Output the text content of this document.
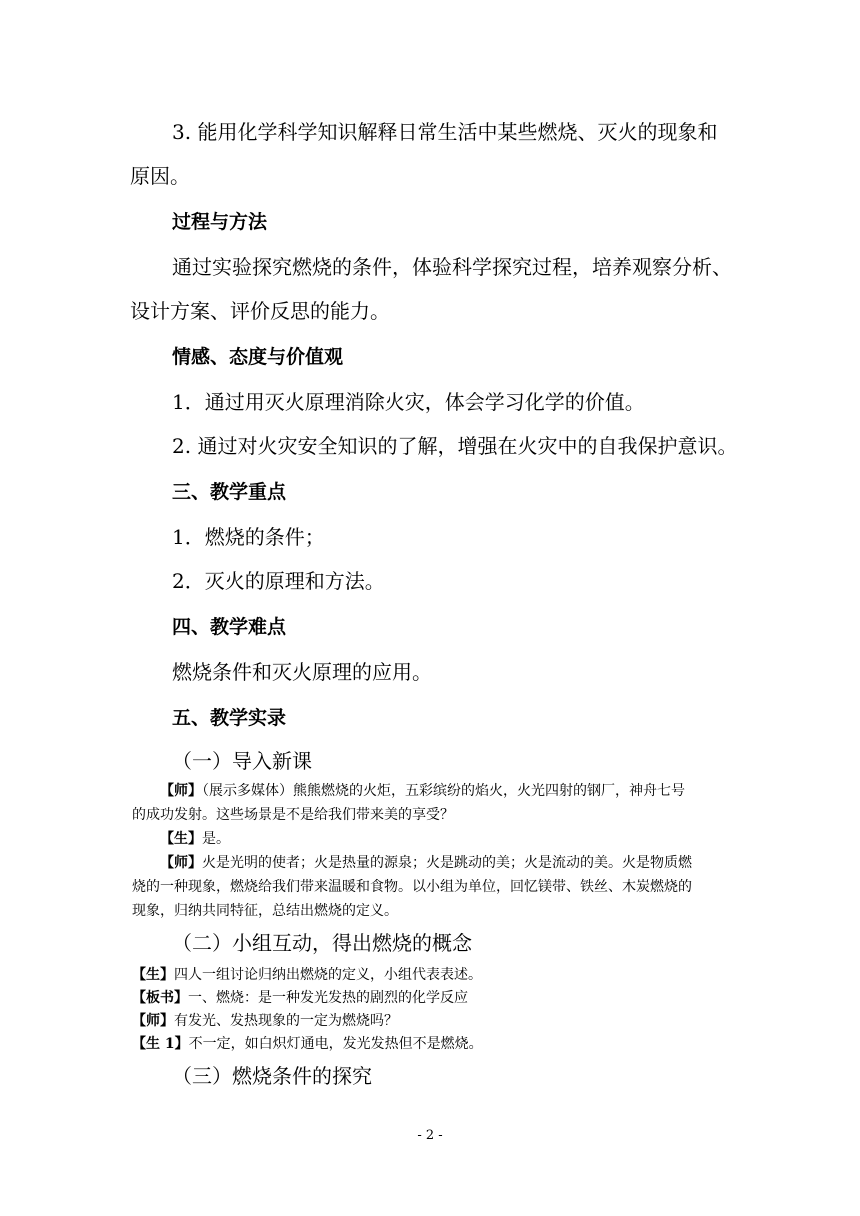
3. 能用化学科学知识解释日常生活中某些燃烧、灭火的现象和
原因。
过程与方法
通过实验探究燃烧的条件，体验科学探究过程，培养观察分析、
设计方案、评价反思的能力。
情感、态度与价值观
1．通过用灭火原理消除火灾，体会学习化学的价值。
2. 通过对火灾安全知识的了解，增强在火灾中的自我保护意识。
三、教学重点
1．燃烧的条件；
2．灭火的原理和方法。
四、教学难点
燃烧条件和灭火原理的应用。
五、教学实录
（一）导入新课
【师】（展示多媒体）熊熊燃烧的火炬，五彩缤纷的焰火，火光四射的钢厂，神舟七号
的成功发射。这些场景是不是给我们带来美的享受？
【生】是。
【师】火是光明的使者；火是热量的源泉；火是跳动的美；火是流动的美。火是物质燃
烧的一种现象，燃烧给我们带来温暖和食物。以小组为单位，回忆镁带、铁丝、木炭燃烧的
现象，归纳共同特征，总结出燃烧的定义。
（二）小组互动，得出燃烧的概念
【生】四人一组讨论归纳出燃烧的定义，小组代表表述。
【板书】一、燃烧：是一种发光发热的剧烈的化学反应
【师】有发光、发热现象的一定为燃烧吗？
【生 1】不一定，如白炽灯通电，发光发热但不是燃烧。
（三）燃烧条件的探究
- 2 -
